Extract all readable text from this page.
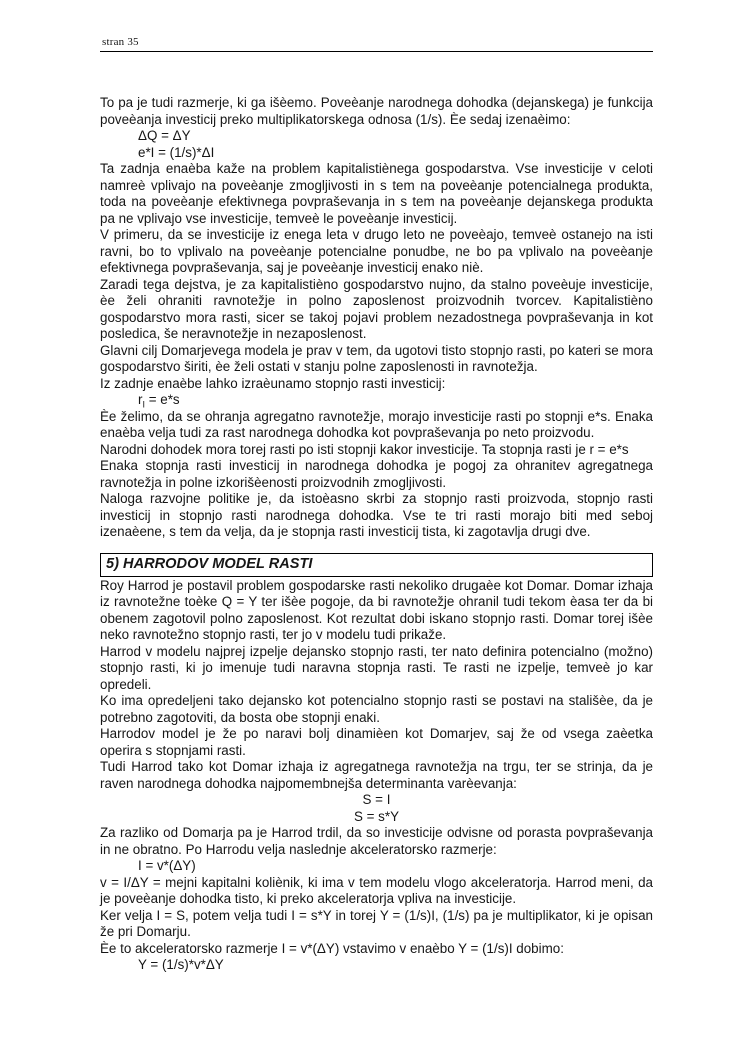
stran 35

To pa je tudi razmerje, ki ga išèemo. Poveèanje narodnega dohodka (dejanskega) je funkcija poveèanja investicij preko multiplikatorskega odnosa (1/s). Èe sedaj izenaèimo:

ΔQ = ΔY

e*I = (1/s)*ΔI

Ta zadnja enaèba kaže na problem kapitalistiènega gospodarstva. Vse investicije v celoti namreè vplivajo na poveèanje zmogljivosti in s tem na poveèanje potencialnega produkta, toda na poveèanje efektivnega povpraševanja in s tem na poveèanje dejanskega produkta pa ne vplivajo vse investicije, temveè le poveèanje investicij.

V primeru, da se investicije iz enega leta v drugo leto ne poveèajo, temveè ostanejo na isti ravni, bo to vplivalo na poveèanje potencialne ponudbe, ne bo pa vplivalo na poveèanje efektivnega povpraševanja, saj je poveèanje investicij enako niè.

Zaradi tega dejstva, je za kapitalistièno gospodarstvo nujno, da stalno poveèuje investicije, èe želi ohraniti ravnotežje in polno zaposlenost proizvodnih tvorcev. Kapitalistièno gospodarstvo mora rasti, sicer se takoj pojavi problem nezadostnega povpraševanja in kot posledica, še neravnotežje in nezaposlenost.

Glavni cilj Domarjevega modela je prav v tem, da ugotovi tisto stopnjo rasti, po kateri se mora gospodarstvo širiti, èe želi ostati v stanju polne zaposlenosti in ravnotežja.

Iz zadnje enaèbe lahko izraèunamo stopnjo rasti investicij:

$r_I = e*s$

Èe želimo, da se ohranja agregatno ravnotežje, morajo investicije rasti po stopnji e*s. Enaka enaèba velja tudi za rast narodnega dohodka kot povpraševanja po neto proizvodu.

Narodni dohodek mora torej rasti po isti stopnji kakor investicije. Ta stopnja rasti je r = e*s

Enaka stopnja rasti investicij in narodnega dohodka je pogoj za ohranitev agregatnega ravnotežja in polne izkorišèenosti proizvodnih zmogljivosti.

Naloga razvojne politike je, da istoèasno skrbi za stopnjo rasti proizvoda, stopnjo rasti investicij in stopnjo rasti narodnega dohodka. Vse te tri rasti morajo biti med seboj izenaèene, s tem da velja, da je stopnja rasti investicij tista, ki zagotavlja drugi dve.

5) HARRODOV MODEL RASTI

Roy Harrod je postavil problem gospodarske rasti nekoliko drugaèe kot Domar. Domar izhaja iz ravnotežne toèke Q = Y ter išèe pogoje, da bi ravnotežje ohranil tudi tekom èasa ter da bi obenem zagotovil polno zaposlenost. Kot rezultat dobi iskano stopnjo rasti. Domar torej išèe neko ravnotežno stopnjo rasti, ter jo v modelu tudi prikaže.

Harrod v modelu najprej izpelje dejansko stopnjo rasti, ter nato definira potencialno (možno) stopnjo rasti, ki jo imenuje tudi naravna stopnja rasti. Te rasti ne izpelje, temveè jo kar opredeli.

Ko ima opredeljeni tako dejansko kot potencialno stopnjo rasti se postavi na stališèe, da je potrebno zagotoviti, da bosta obe stopnji enaki.

Harrodov model je že po naravi bolj dinamièen kot Domarjev, saj že od vsega zaèetka operira s stopnjami rasti.

Tudi Harrod tako kot Domar izhaja iz agregatnega ravnotežja na trgu, ter se strinja, da je raven narodnega dohodka najpomembnejša determinanta varèevanja:

S = I

S = s*Y

Za razliko od Domarja pa je Harrod trdil, da so investicije odvisne od porasta povpraševanja in ne obratno. Po Harrodu velja naslednje akceleratorsko razmerje:

I = v*(ΔY)

v = I/ΔY = mejni kapitalni koliènik, ki ima v tem modelu vlogo akceleratorja. Harrod meni, da je poveèanje dohodka tisto, ki preko akceleratorja vpliva na investicije.

Ker velja I = S, potem velja tudi I = s*Y in torej Y = (1/s)I, (1/s) pa je multiplikator, ki je opisan že pri Domarju.

Èe to akceleratorsko razmerje I = v*(ΔY) vstavimo v enaèbo Y = (1/s)I dobimo:

Y = (1/s)*v*ΔY
